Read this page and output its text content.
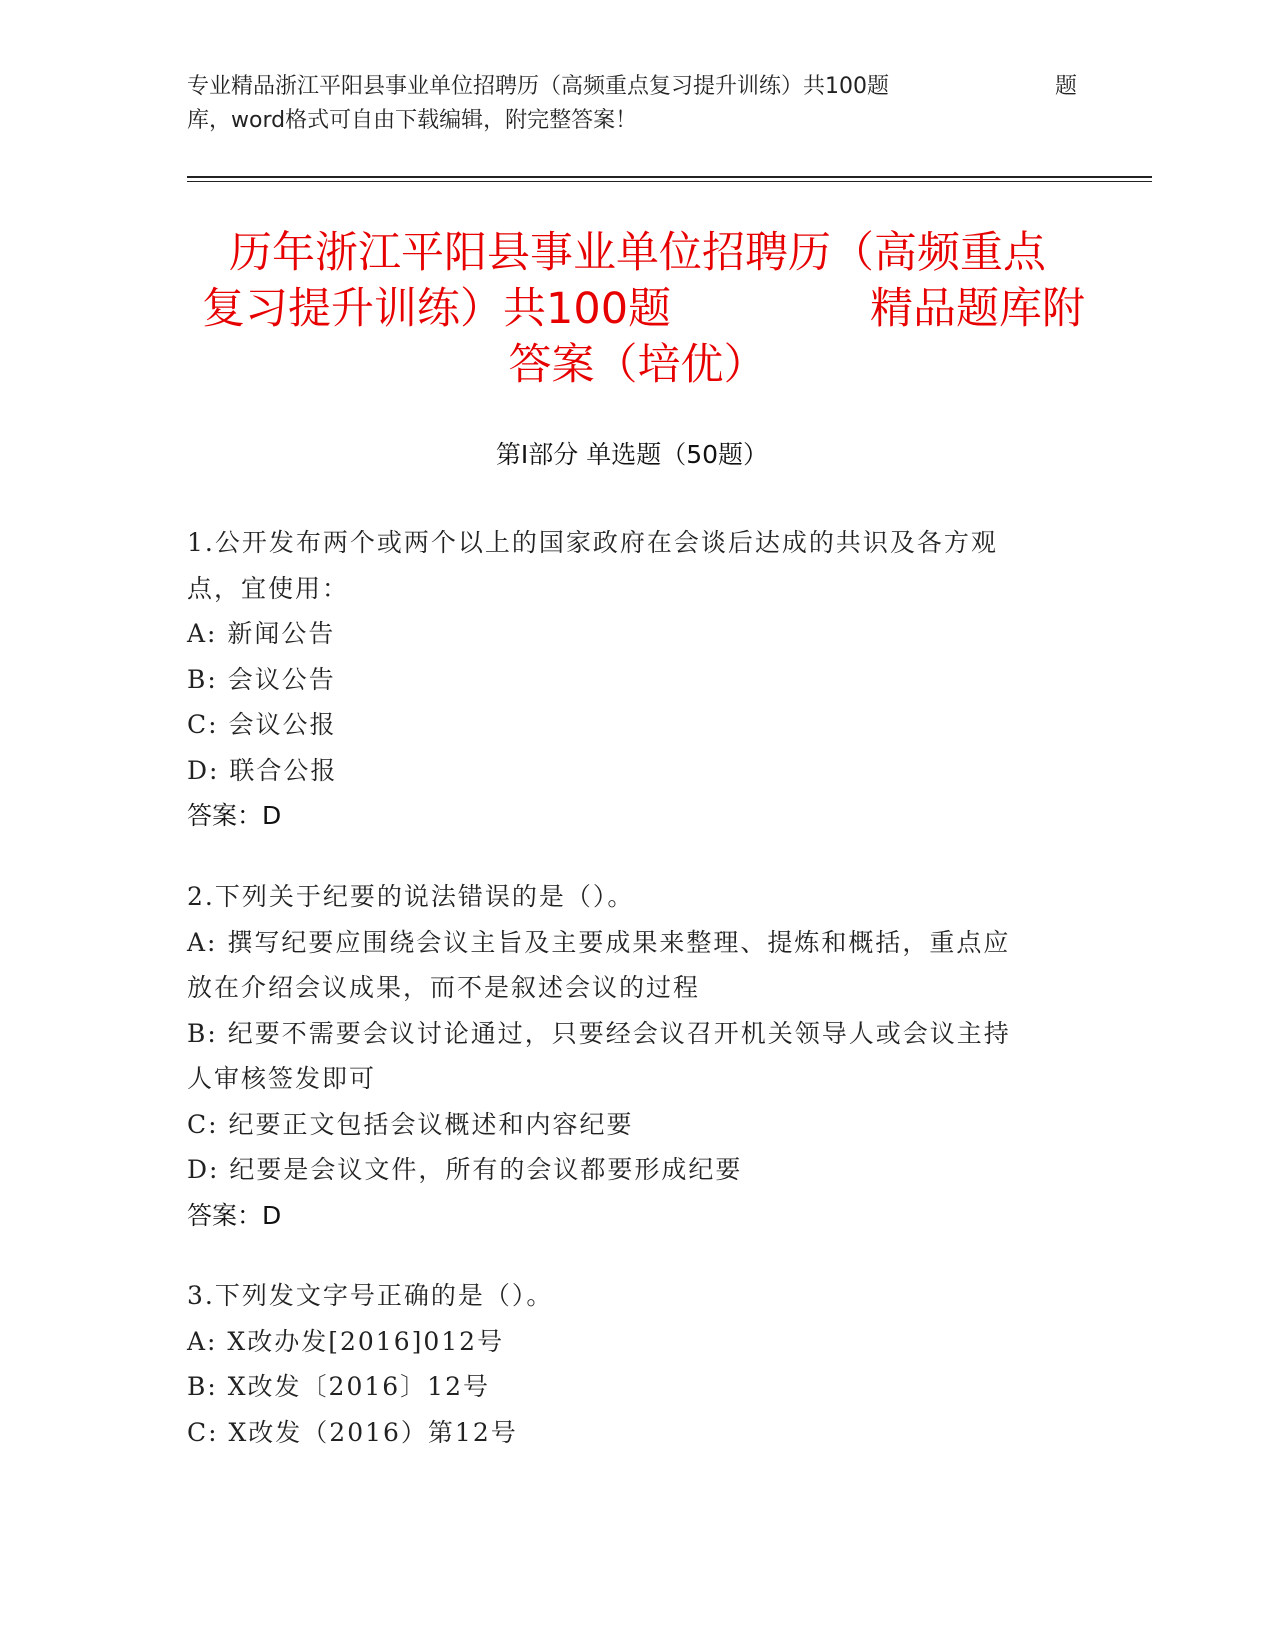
专业精品浙江平阳县事业单位招聘历（高频重点复习提升训练）共100题	题
库，word格式可自由下载编辑，附完整答案！
历年浙江平阳县事业单位招聘历（高频重点
复习提升训练）共100题	精品题库附
答案（培优）
第Ⅰ部分 单选题（50题）
1.公开发布两个或两个以上的国家政府在会谈后达成的共识及各方观
点，宜使用：
A: 新闻公告
B: 会议公告
C: 会议公报
D: 联合公报
答案：D
2.下列关于纪要的说法错误的是（）。
A: 撰写纪要应围绕会议主旨及主要成果来整理、提炼和概括，重点应
放在介绍会议成果，而不是叙述会议的过程
B: 纪要不需要会议讨论通过，只要经会议召开机关领导人或会议主持
人审核签发即可
C: 纪要正文包括会议概述和内容纪要
D: 纪要是会议文件，所有的会议都要形成纪要
答案：D
3.下列发文字号正确的是（）。
A: X改办发[2016]012号
B: X改发〔2016〕12号
C: X改发（2016）第12号
